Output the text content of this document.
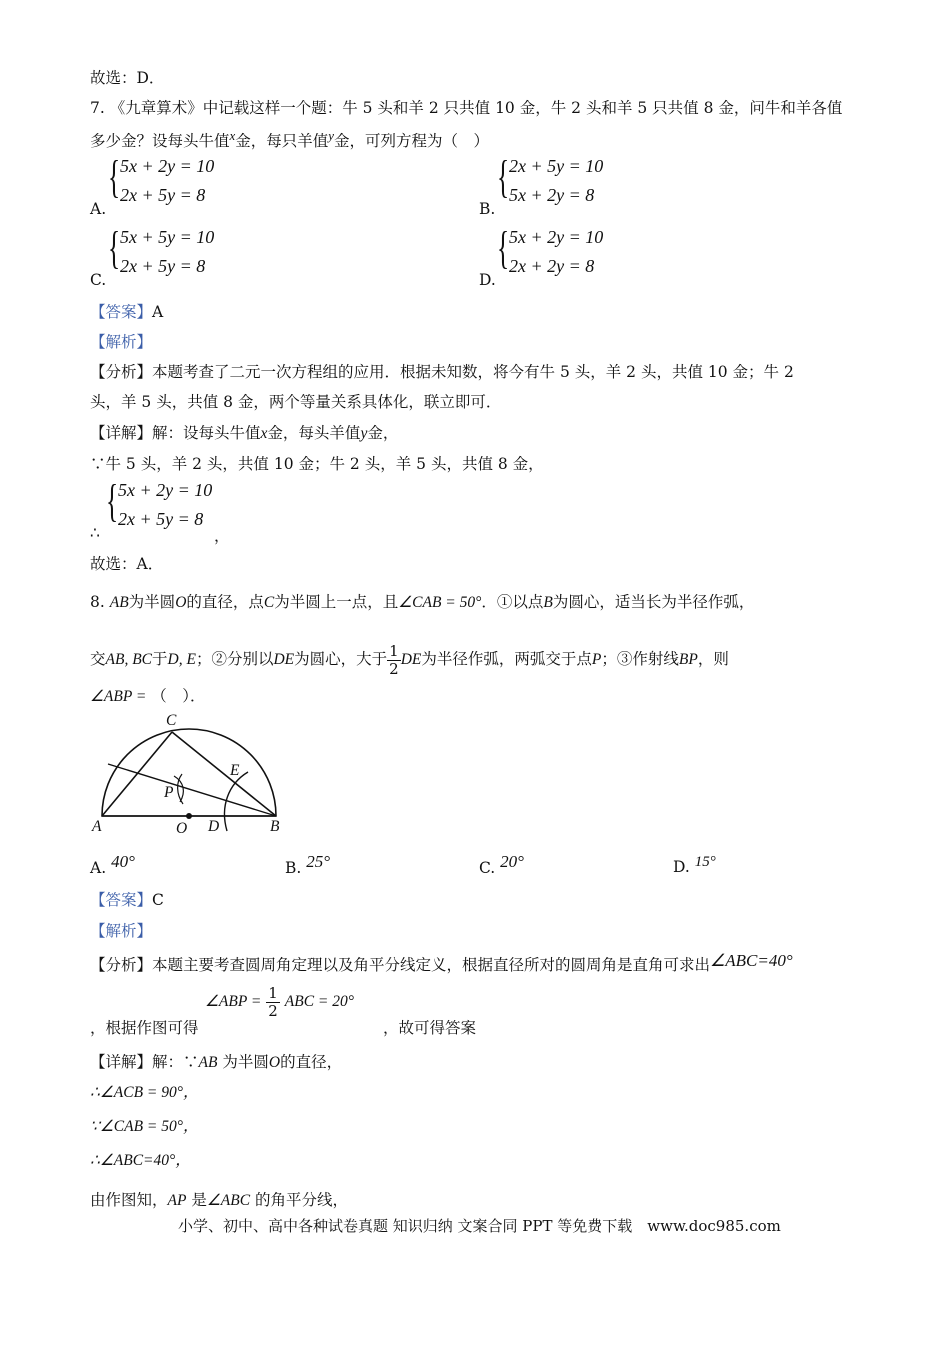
故选：D．
7. 《九章算术》中记载这样一个题：牛 5 头和羊 2 只共值 10 金，牛 2 头和羊 5 只共值 8 金，问牛和羊各值
多少金？设每头牛值$^x$金，每只羊值$^y$金，可列方程为（　）
A.
{ 5x + 2y = 10
2x + 5y = 8
B.
{ 2x + 5y = 10
5x + 2y = 8
C.
{ 5x + 5y = 10
2x + 5y = 8
D.
{ 5x + 2y = 10
2x + 2y = 8
【答案】A
【解析】
【分析】本题考查了二元一次方程组的应用．根据未知数，将今有牛 5 头，羊 2 头，共值 10 金；牛 2
头，羊 5 头，共值 8 金，两个等量关系具体化，联立即可．
【详解】解：设每头牛值x金，每头羊值y金，
∵牛 5 头，羊 2 头，共值 10 金；牛 2 头，羊 5 头，共值 8 金，
∴
{ 5x + 2y = 10
2x + 5y = 8
，
故选：A．
8. AB为半圆O的直径，点C为半圆上一点，且∠CAB = 50°．①以点B为圆心，适当长为半径作弧，
交AB, BC于D, E；②分别以DE为圆心，大于 $\frac{1}{2}$ DE为半径作弧，两弧交于点P；③作射线BP，则
∠ABP = （　）．
A	B
C
O D
E
P
A. 40°	B. 25°	C. 20°	D. 15°
【答案】C
【解析】
【分析】本题主要考查圆周角定理以及角平分线定义，根据直径所对的圆周角是直角可求出∠ABC=40°
∠ABP = $\frac{1}{2}$ ABC = 20°
，根据作图可得	，故可得答案
【详解】解：∵AB 为半圆O的直径，
∴∠ACB = 90°，
∵∠CAB = 50°，
∴∠ABC=40°，
由作图知，AP 是∠ABC 的角平分线，
小学、初中、高中各种试卷真题 知识归纳 文案合同 PPT 等免费下载　www.doc985.com
